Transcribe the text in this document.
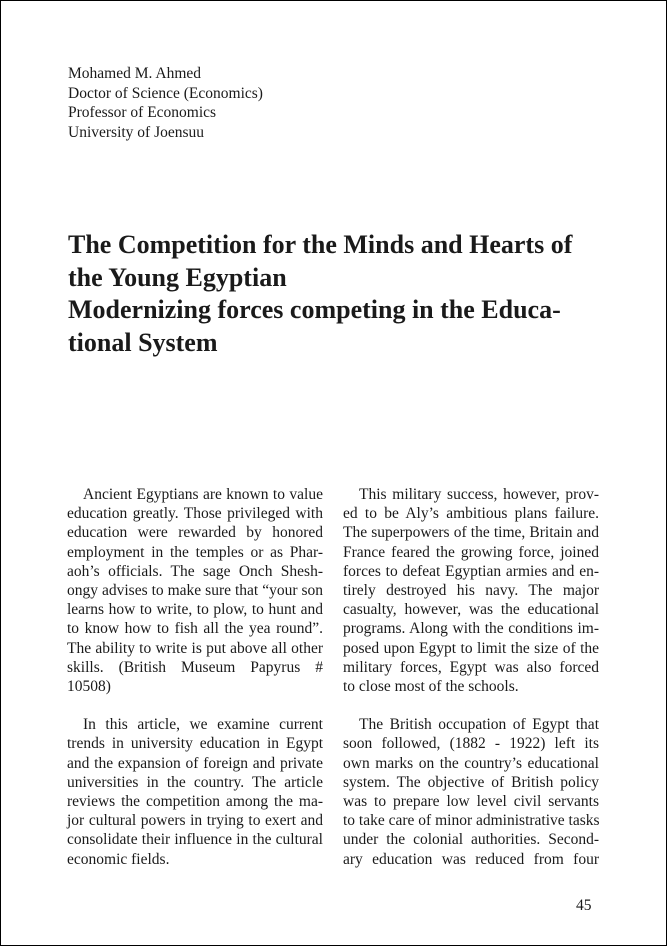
Mohamed M. Ahmed
Doctor of Science (Economics)
Professor of Economics
University of Joensuu
The Competition for the Minds and Hearts of
the Young Egyptian
Modernizing forces competing in the Educa-
tional System
Ancient Egyptians are known to value
education greatly. Those privileged with
education were rewarded by honored
employment in the temples or as Phar-
aoh’s officials. The sage Onch Shesh-
ongy advises to make sure that “your son
learns how to write, to plow, to hunt and
to know how to fish all the yea round”.
The ability to write is put above all other
skills. (British Museum Papyrus #
10508)
In this article, we examine current
trends in university education in Egypt
and the expansion of foreign and private
universities in the country. The article
reviews the competition among the ma-
jor cultural powers in trying to exert and
consolidate their influence in the cultural
economic fields.
This military success, however, prov-
ed to be Aly’s ambitious plans failure.
The superpowers of the time, Britain and
France feared the growing force, joined
forces to defeat Egyptian armies and en-
tirely destroyed his navy. The major
casualty, however, was the educational
programs. Along with the conditions im-
posed upon Egypt to limit the size of the
military forces, Egypt was also forced
to close most of the schools.
The British occupation of Egypt that
soon followed, (1882 - 1922) left its
own marks on the country’s educational
system. The objective of British policy
was to prepare low level civil servants
to take care of minor administrative tasks
under the colonial authorities. Second-
ary education was reduced from four
45
